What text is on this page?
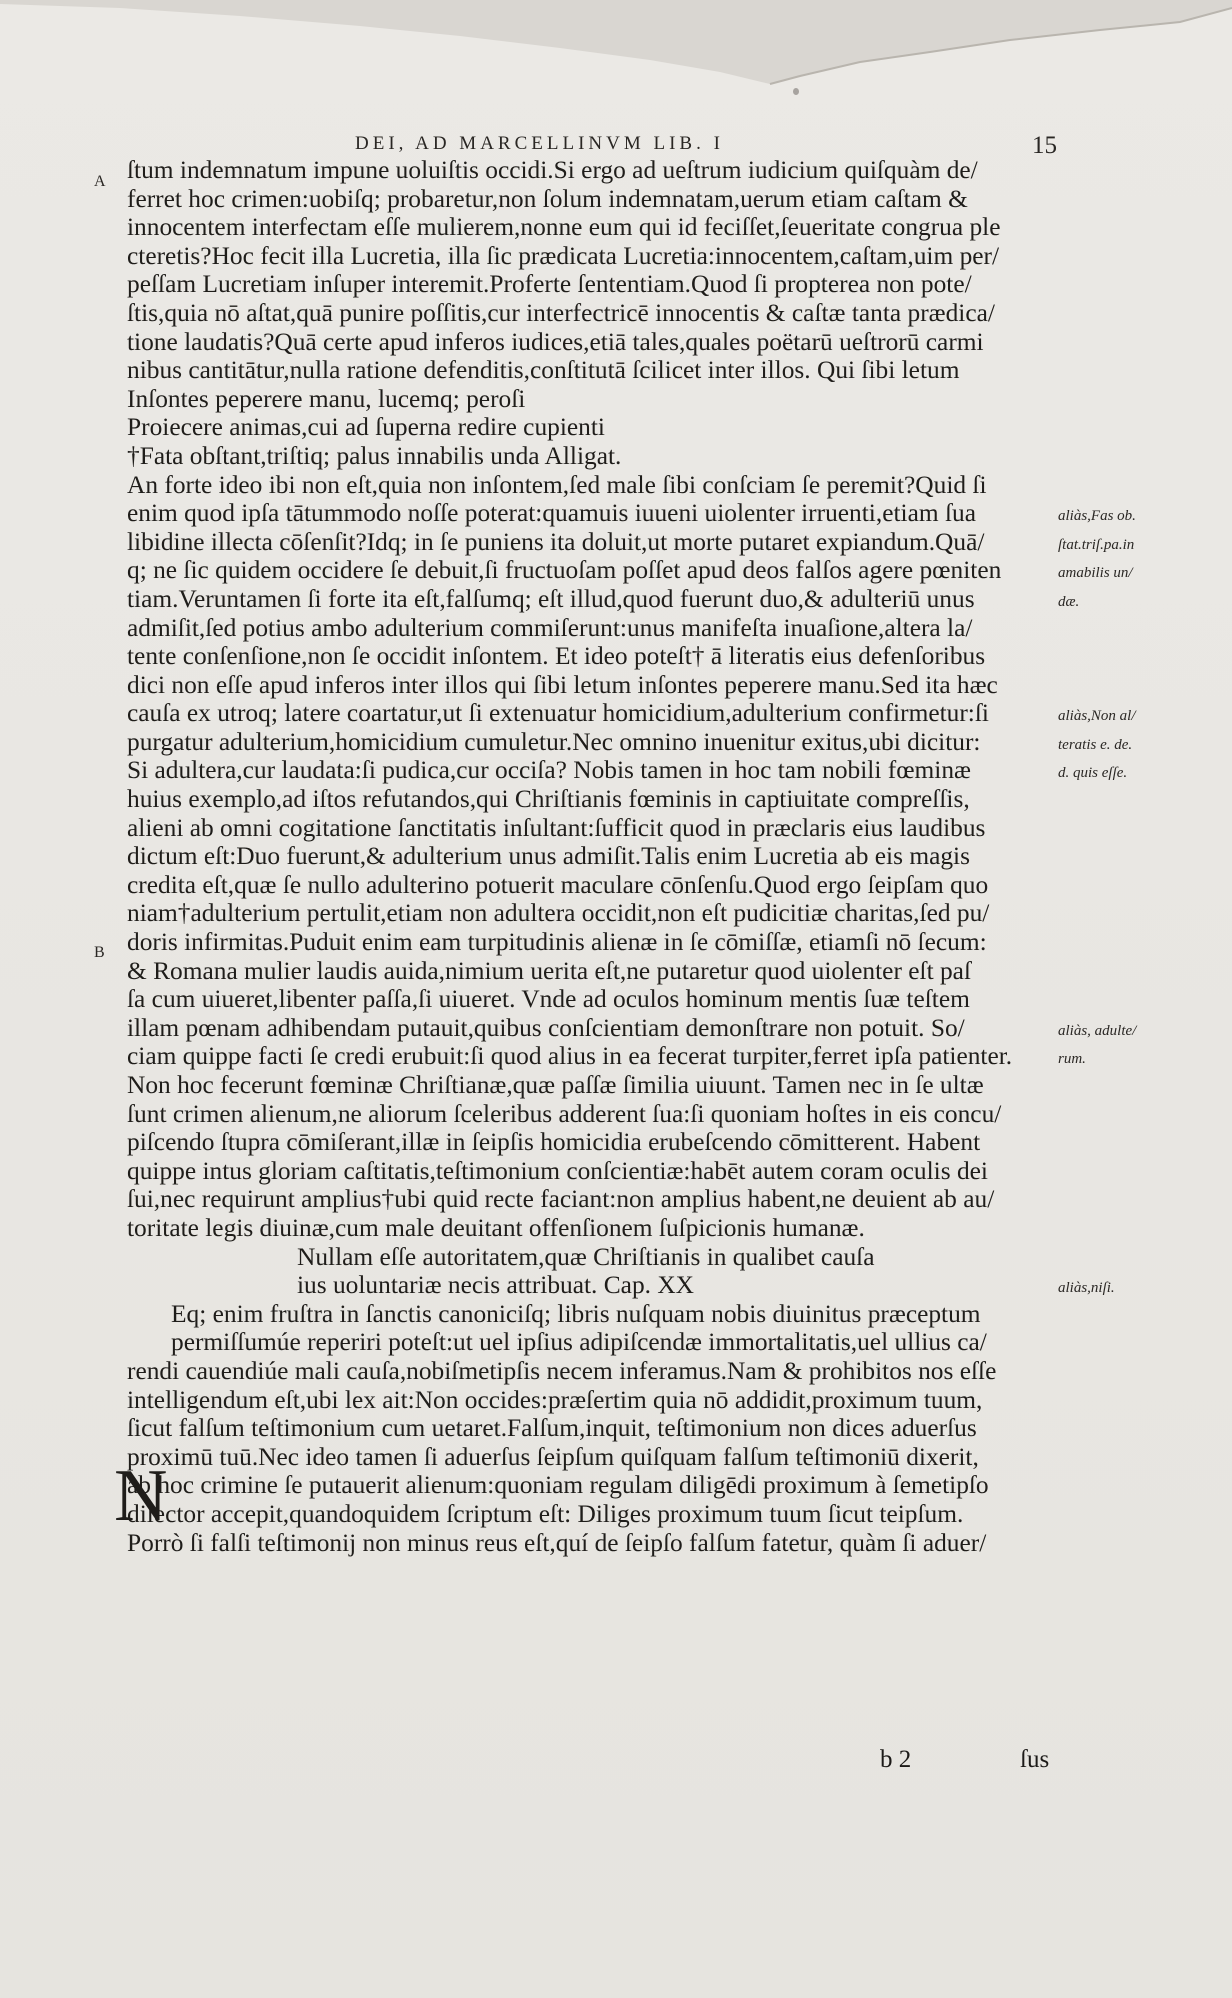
DEI, AD MARCELLINVM LIB. I	15
A
B
ſtum indemnatum impune uoluiſtis occidi.Si ergo ad ueſtrum iudicium quiſquàm de/
ferret hoc crimen:uobiſq; probaretur,non ſolum indemnatam,uerum etiam caſtam &
innocentem interfectam eſſe mulierem,nonne eum qui id feciſſet,ſeueritate congrua ple
cteretis?Hoc fecit illa Lucretia, illa ſic prædicata Lucretia:innocentem,caſtam,uim per/
peſſam Lucretiam inſuper interemit.Proferte ſententiam.Quod ſi propterea non pote/
ſtis,quia nō aſtat,quā punire poſſitis,cur interfectricē innocentis & caſtæ tanta prædica/
tione laudatis?Quā certe apud inferos iudices,etiā tales,quales poëtarū ueſtrorū carmi
nibus cantitātur,nulla ratione defenditis,conſtitutā ſcilicet inter illos. Qui ſibi letum
Inſontes peperere manu, lucemq; peroſi
Proiecere animas,cui ad ſuperna redire cupienti
†Fata obſtant,triſtiq; palus innabilis unda Alligat.
An forte ideo ibi non eſt,quia non inſontem,ſed male ſibi conſciam ſe peremit?Quid ſi
enim quod ipſa tātummodo noſſe poterat:quamuis iuueni uiolenter irruenti,etiam ſua
libidine illecta cōſenſit?Idq; in ſe puniens ita doluit,ut morte putaret expiandum.Quā/
q; ne ſic quidem occidere ſe debuit,ſi fructuoſam poſſet apud deos falſos agere pœniten
tiam.Veruntamen ſi forte ita eſt,falſumq; eſt illud,quod fuerunt duo,& adulteriū unus
admiſit,ſed potius ambo adulterium commiſerunt:unus manifeſta inuaſione,altera la/
tente conſenſione,non ſe occidit inſontem. Et ideo poteſt† ā literatis eius defenſoribus
dici non eſſe apud inferos inter illos qui ſibi letum inſontes peperere manu.Sed ita hæc
cauſa ex utroq; latere coartatur,ut ſi extenuatur homicidium,adulterium confirmetur:ſi
purgatur adulterium,homicidium cumuletur.Nec omnino inuenitur exitus,ubi dicitur:
Si adultera,cur laudata:ſi pudica,cur occiſa? Nobis tamen in hoc tam nobili fœminæ
huius exemplo,ad iſtos refutandos,qui Chriſtianis fœminis in captiuitate compreſſis,
alieni ab omni cogitatione ſanctitatis inſultant:ſufficit quod in præclaris eius laudibus
dictum eſt:Duo fuerunt,& adulterium unus admiſit.Talis enim Lucretia ab eis magis
credita eſt,quæ ſe nullo adulterino potuerit maculare cōnſenſu.Quod ergo ſeipſam quo
niam†adulterium pertulit,etiam non adultera occidit,non eſt pudicitiæ charitas,ſed pu/
doris infirmitas.Puduit enim eam turpitudinis alienæ in ſe cōmiſſæ, etiamſi nō ſecum:
& Romana mulier laudis auida,nimium uerita eſt,ne putaretur quod uiolenter eſt paſ
ſa cum uiueret,libenter paſſa,ſi uiueret. Vnde ad oculos hominum mentis ſuæ teſtem
illam pœnam adhibendam putauit,quibus conſcientiam demonſtrare non potuit. So/
ciam quippe facti ſe credi erubuit:ſi quod alius in ea fecerat turpiter,ferret ipſa patienter.
Non hoc fecerunt fœminæ Chriſtianæ,quæ paſſæ ſimilia uiuunt. Tamen nec in ſe ultæ
ſunt crimen alienum,ne aliorum ſceleribus adderent ſua:ſi quoniam hoſtes in eis concu/
piſcendo ſtupra cōmiſerant,illæ in ſeipſis homicidia erubeſcendo cōmitterent. Habent
quippe intus gloriam caſtitatis,teſtimonium conſcientiæ:habēt autem coram oculis dei
ſui,nec requirunt amplius†ubi quid recte faciant:non amplius habent,ne deuient ab au/
toritate legis diuinæ,cum male deuitant offenſionem ſuſpicionis humanæ.
Nullam eſſe autoritatem,quæ Chriſtianis in qualibet cauſa
ius uoluntariæ necis attribuat. Cap. XX
Eq; enim fruſtra in ſanctis canoniciſq; libris nuſquam nobis diuinitus præceptum
permiſſumúe reperiri poteſt:ut uel ipſius adipiſcendæ immortalitatis,uel ullius ca/
rendi cauendiúe mali cauſa,nobiſmetipſis necem inferamus.Nam & prohibitos nos eſſe
intelligendum eſt,ubi lex ait:Non occides:præſertim quia nō addidit,proximum tuum,
ſicut falſum teſtimonium cum uetaret.Falſum,inquit, teſtimonium non dices aduerſus
proximū tuū.Nec ideo tamen ſi aduerſus ſeipſum quiſquam falſum teſtimoniū dixerit,
ab hoc crimine ſe putauerit alienum:quoniam regulam diligēdi proximum à ſemetipſo
dilector accepit,quandoquidem ſcriptum eſt: Diliges proximum tuum ſicut teipſum.
Porrò ſi falſi teſtimonij non minus reus eſt,quí de ſeipſo falſum fatetur, quàm ſi aduer/
N
aliàs,Fas ob.
ſtat.triſ.pa.in
amabilis un/
dæ.
aliàs,Non al/
teratis e. de.
d. quis eſſe.
aliàs, adulte/
rum.
aliàs,niſi.
b 2	ſus
